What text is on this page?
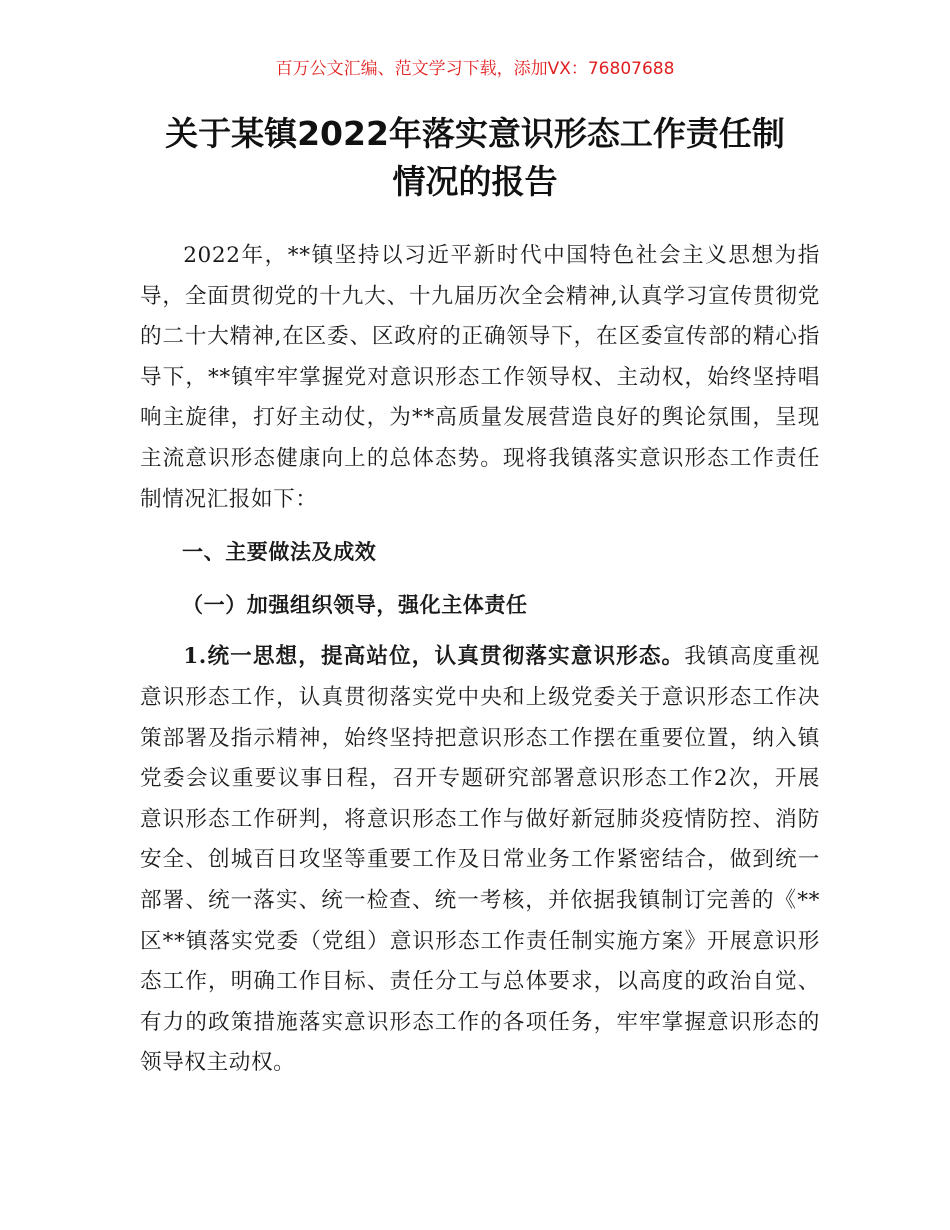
百万公文汇编、范文学习下载，添加VX：76807688
关于某镇2022年落实意识形态工作责任制
情况的报告

2022年，**镇坚持以习近平新时代中国特色社会主义思想为指导，全面贯彻党的十九大、十九届历次全会精神,认真学习宣传贯彻党的二十大精神,在区委、区政府的正确领导下，在区委宣传部的精心指导下，**镇牢牢掌握党对意识形态工作领导权、主动权，始终坚持唱响主旋律，打好主动仗，为**高质量发展营造良好的舆论氛围，呈现主流意识形态健康向上的总体态势。现将我镇落实意识形态工作责任制情况汇报如下：

一、主要做法及成效

（一）加强组织领导，强化主体责任

1.统一思想，提高站位，认真贯彻落实意识形态。我镇高度重视意识形态工作，认真贯彻落实党中央和上级党委关于意识形态工作决策部署及指示精神，始终坚持把意识形态工作摆在重要位置，纳入镇党委会议重要议事日程，召开专题研究部署意识形态工作2次，开展意识形态工作研判，将意识形态工作与做好新冠肺炎疫情防控、消防安全、创城百日攻坚等重要工作及日常业务工作紧密结合，做到统一部署、统一落实、统一检查、统一考核，并依据我镇制订完善的《**区**镇落实党委（党组）意识形态工作责任制实施方案》开展意识形态工作，明确工作目标、责任分工与总体要求，以高度的政治自觉、有力的政策措施落实意识形态工作的各项任务，牢牢掌握意识形态的领导权主动权。
